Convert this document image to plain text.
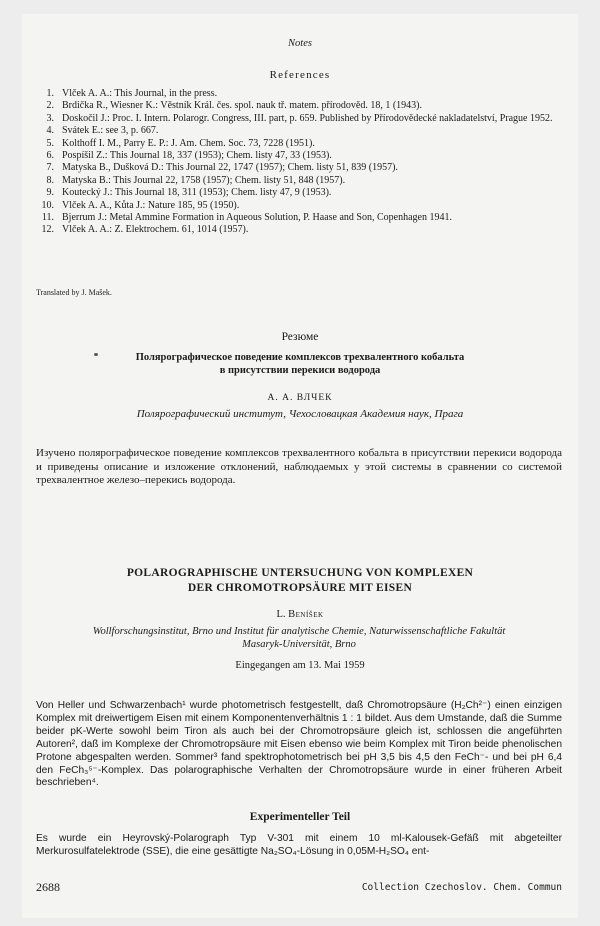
Notes
References
1. Vlček A. A.: This Journal, in the press.
2. Brdička R., Wiesner K.: Věstník Král. čes. spol. nauk tř. matem. přírodověd. 18, 1 (1943).
3. Doskočil J.: Proc. I. Intern. Polarogr. Congress, III. part, p. 659. Published by Přírodovědecké nakladatelství, Prague 1952.
4. Svátek E.: see 3, p. 667.
5. Kolthoff I. M., Parry E. P.: J. Am. Chem. Soc. 73, 7228 (1951).
6. Pospíšil Z.: This Journal 18, 337 (1953); Chem. listy 47, 33 (1953).
7. Matyska B., Dušková D.: This Journal 22, 1747 (1957); Chem. listy 51, 839 (1957).
8. Matyska B.: This Journal 22, 1758 (1957); Chem. listy 51, 848 (1957).
9. Koutecký J.: This Journal 18, 311 (1953); Chem. listy 47, 9 (1953).
10. Vlček A. A., Kůta J.: Nature 185, 95 (1950).
11. Bjerrum J.: Metal Ammine Formation in Aqueous Solution, P. Haase and Son, Copenhagen 1941.
12. Vlček A. A.: Z. Elektrochem. 61, 1014 (1957).
Translated by J. Mašek.
Резюме
Полярографическое поведение комплексов трехвалентного кобальта
в присутствии перекиси водорода
А. А. ВЛЧЕК
Полярографический институт, Чехословацкая Академия наук, Прага
Изучено полярографическое поведение комплексов трехвалентного кобальта в присутствии перекиси водорода и приведены описание и изложение отклонений, наблюдаемых у этой системы в сравнении со системой трехвалентное железо–перекись водорода.
POLAROGRAPHISCHE UNTERSUCHUNG VON KOMPLEXEN
DER CHROMOTROPSÄURE MIT EISEN
L. Beníšek
Wollforschungsinstitut, Brno und Institut für analytische Chemie, Naturwissenschaftliche Fakultät
Masaryk-Universität, Brno
Eingegangen am 13. Mai 1959
Von Heller und Schwarzenbach¹ wurde photometrisch festgestellt, daß Chromotropsäure (H₂Ch²⁻) einen einzigen Komplex mit dreiwertigem Eisen mit einem Komponentenverhältnis 1 : 1 bildet. Aus dem Umstande, daß die Summe beider pK-Werte sowohl beim Tiron als auch bei der Chromotropsäure gleich ist, schlossen die angeführten Autoren², daß im Komplexe der Chromotropsäure mit Eisen ebenso wie beim Komplex mit Tiron beide phenolischen Protone abgespalten werden. Sommer³ fand spektrophotometrisch bei pH 3,5 bis 4,5 den FeCh⁻- und bei pH 6,4 den FeCh₃⁵⁻-Komplex. Das polarographische Verhalten der Chromotropsäure wurde in einer früheren Arbeit beschrieben⁴.
Experimenteller Teil
Es wurde ein Heyrovský-Polarograph Typ V-301 mit einem 10 ml-Kalousek-Gefäß mit abgeteilter Merkurosulfatelektrode (SSE), die eine gesättigte Na₂SO₄-Lösung in 0,05M-H₂SO₄ ent-
2688	Collection Czechoslov. Chem. Commun
